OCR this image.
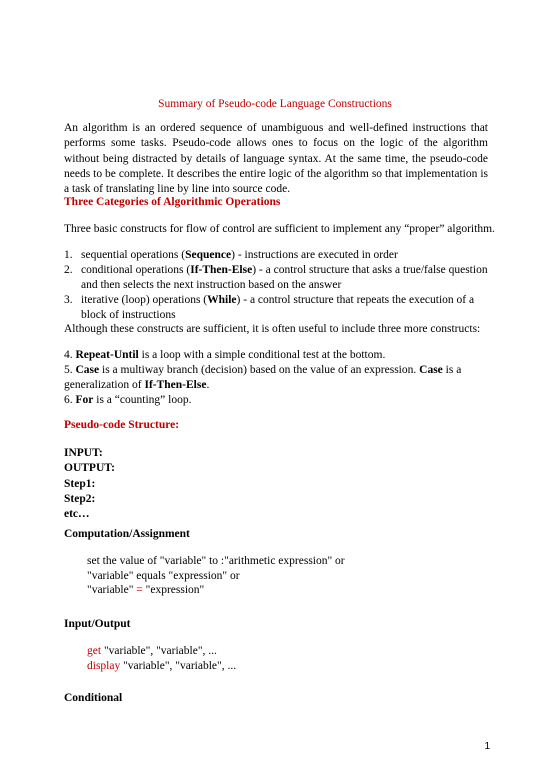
Summary of Pseudo-code Language Constructions
An algorithm is an ordered sequence of unambiguous and well-defined instructions that performs some tasks. Pseudo-code allows ones to focus on the logic of the algorithm without being distracted by details of language syntax. At the same time, the pseudo-code needs to be complete. It describes the entire logic of the algorithm so that implementation is a task of translating line by line into source code.
Three Categories of Algorithmic Operations
Three basic constructs for flow of control are sufficient to implement any “proper” algorithm.
1. sequential operations (Sequence) - instructions are executed in order
2. conditional operations (If-Then-Else) - a control structure that asks a true/false question and then selects the next instruction based on the answer
3. iterative (loop) operations (While) - a control structure that repeats the execution of a block of instructions
Although these constructs are sufficient, it is often useful to include three more constructs:
4. Repeat-Until is a loop with a simple conditional test at the bottom.
5. Case is a multiway branch (decision) based on the value of an expression. Case is a
generalization of If-Then-Else.
6. For is a “counting” loop.
Pseudo-code Structure:
INPUT:
OUTPUT:
Step1:
Step2:
etc…
Computation/Assignment
set the value of "variable" to :"arithmetic expression" or
"variable" equals "expression" or
"variable" = "expression"
Input/Output
get "variable", "variable", ...
display "variable", "variable", ...
Conditional
1
